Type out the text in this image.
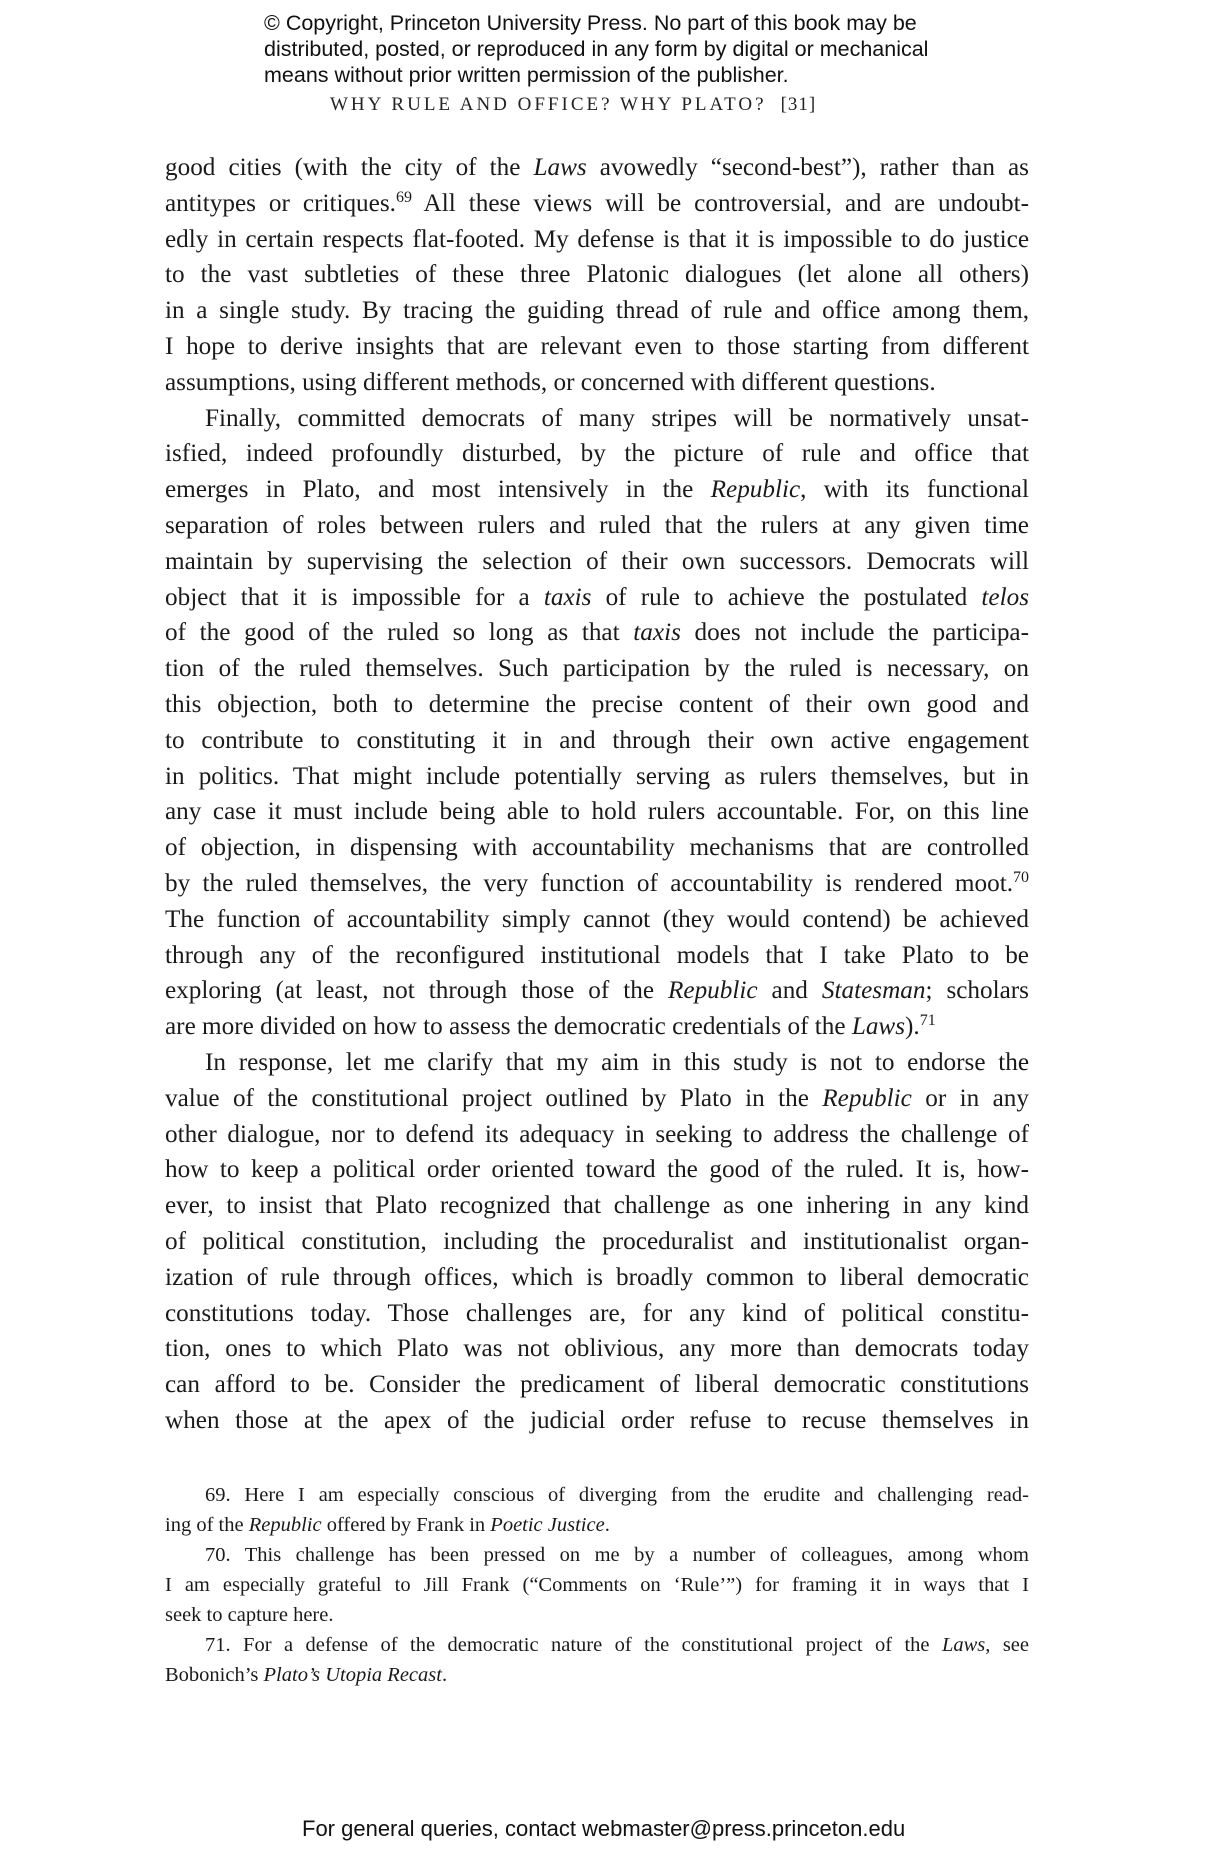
© Copyright, Princeton University Press. No part of this book may be
distributed, posted, or reproduced in any form by digital or mechanical
means without prior written permission of the publisher.
WHY RULE AND OFFICE? WHY PLATO? [31]
good cities (with the city of the Laws avowedly “second-best”), rather than as
antitypes or critiques.$^{69}$ All these views will be controversial, and are undoubt-
edly in certain respects flat-footed. My defense is that it is impossible to do justice
to the vast subtleties of these three Platonic dialogues (let alone all others)
in a single study. By tracing the guiding thread of rule and office among them,
I hope to derive insights that are relevant even to those starting from different
assumptions, using different methods, or concerned with different questions.
Finally, committed democrats of many stripes will be normatively unsat-
isfied, indeed profoundly disturbed, by the picture of rule and office that
emerges in Plato, and most intensively in the Republic, with its functional
separation of roles between rulers and ruled that the rulers at any given time
maintain by supervising the selection of their own successors. Democrats will
object that it is impossible for a taxis of rule to achieve the postulated telos
of the good of the ruled so long as that taxis does not include the participa-
tion of the ruled themselves. Such participation by the ruled is necessary, on
this objection, both to determine the precise content of their own good and
to contribute to constituting it in and through their own active engagement
in politics. That might include potentially serving as rulers themselves, but in
any case it must include being able to hold rulers accountable. For, on this line
of objection, in dispensing with accountability mechanisms that are controlled
by the ruled themselves, the very function of accountability is rendered moot.$^{70}$
The function of accountability simply cannot (they would contend) be achieved
through any of the reconfigured institutional models that I take Plato to be
exploring (at least, not through those of the Republic and Statesman; scholars
are more divided on how to assess the democratic credentials of the Laws).$^{71}$
In response, let me clarify that my aim in this study is not to endorse the
value of the constitutional project outlined by Plato in the Republic or in any
other dialogue, nor to defend its adequacy in seeking to address the challenge of
how to keep a political order oriented toward the good of the ruled. It is, how-
ever, to insist that Plato recognized that challenge as one inhering in any kind
of political constitution, including the proceduralist and institutionalist organ-
ization of rule through offices, which is broadly common to liberal democratic
constitutions today. Those challenges are, for any kind of political constitu-
tion, ones to which Plato was not oblivious, any more than democrats today
can afford to be. Consider the predicament of liberal democratic constitutions
when those at the apex of the judicial order refuse to recuse themselves in
69. Here I am especially conscious of diverging from the erudite and challenging read-
ing of the Republic offered by Frank in Poetic Justice.
70. This challenge has been pressed on me by a number of colleagues, among whom
I am especially grateful to Jill Frank (“Comments on ‘Rule’”) for framing it in ways that I
seek to capture here.
71. For a defense of the democratic nature of the constitutional project of the Laws, see
Bobonich’s Plato’s Utopia Recast.
For general queries, contact webmaster@press.princeton.edu
